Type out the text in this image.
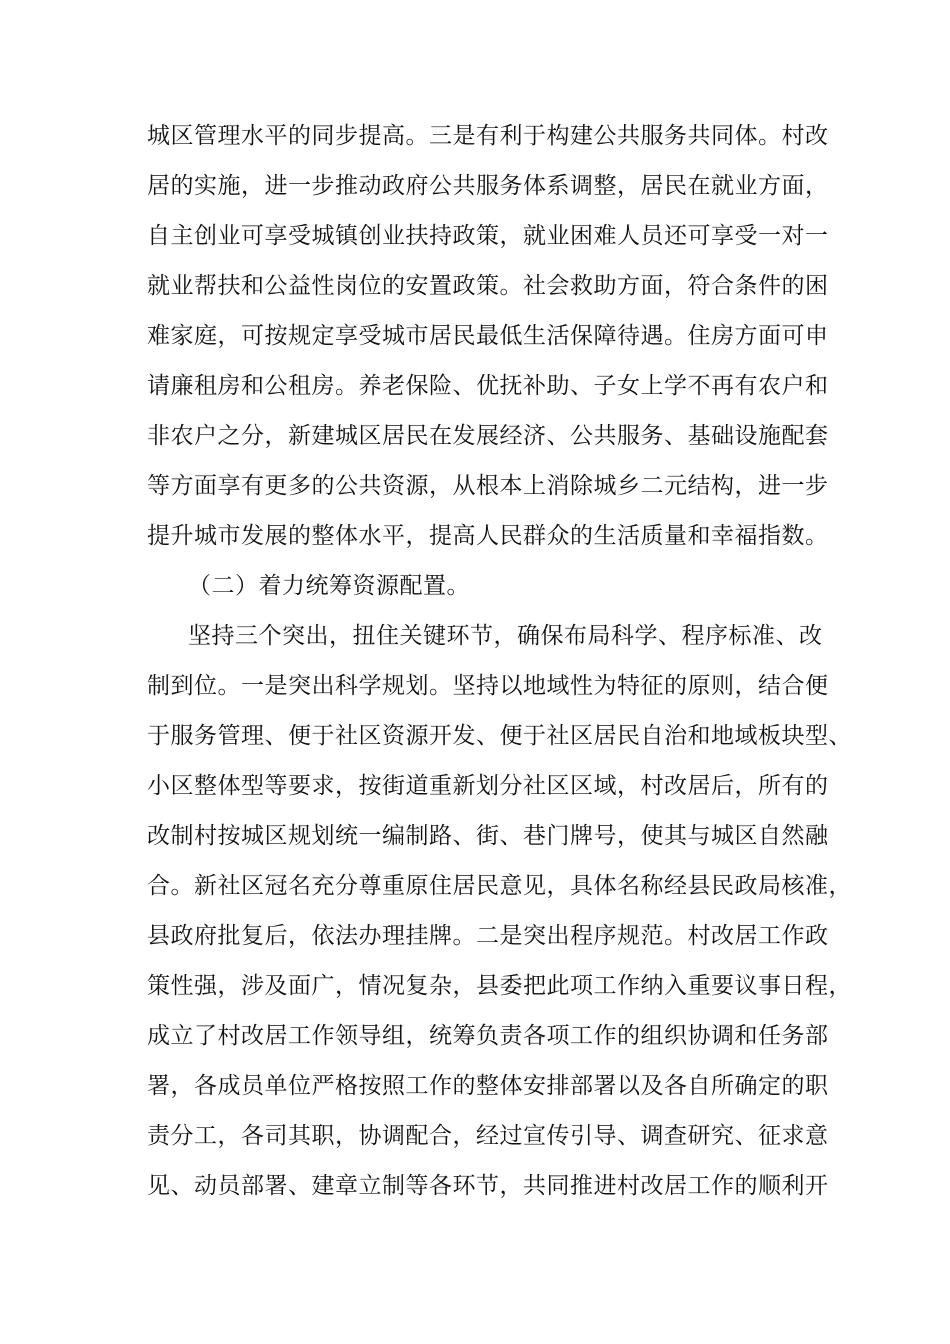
城区管理水平的同步提高。三是有利于构建公共服务共同体。村改
居的实施，进一步推动政府公共服务体系调整，居民在就业方面，
自主创业可享受城镇创业扶持政策，就业困难人员还可享受一对一
就业帮扶和公益性岗位的安置政策。社会救助方面，符合条件的困
难家庭，可按规定享受城市居民最低生活保障待遇。住房方面可申
请廉租房和公租房。养老保险、优抚补助、子女上学不再有农户和
非农户之分，新建城区居民在发展经济、公共服务、基础设施配套
等方面享有更多的公共资源，从根本上消除城乡二元结构，进一步
提升城市发展的整体水平，提高人民群众的生活质量和幸福指数。
（二）着力统筹资源配置。
坚持三个突出，扭住关键环节，确保布局科学、程序标准、改
制到位。一是突出科学规划。坚持以地域性为特征的原则，结合便
于服务管理、便于社区资源开发、便于社区居民自治和地域板块型、
小区整体型等要求，按街道重新划分社区区域，村改居后，所有的
改制村按城区规划统一编制路、街、巷门牌号，使其与城区自然融
合。新社区冠名充分尊重原住居民意见，具体名称经县民政局核准，
县政府批复后，依法办理挂牌。二是突出程序规范。村改居工作政
策性强，涉及面广，情况复杂，县委把此项工作纳入重要议事日程，
成立了村改居工作领导组，统筹负责各项工作的组织协调和任务部
署，各成员单位严格按照工作的整体安排部署以及各自所确定的职
责分工，各司其职，协调配合，经过宣传引导、调查研究、征求意
见、动员部署、建章立制等各环节，共同推进村改居工作的顺利开
